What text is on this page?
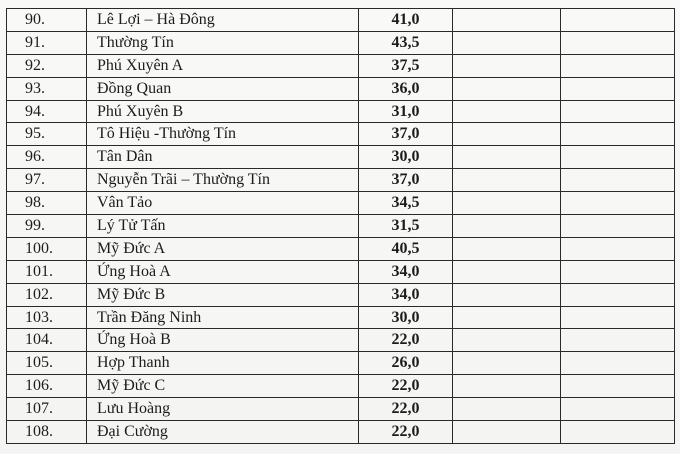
90.	Lê Lợi – Hà Đông	41,0		
91.	Thường Tín	43,5		
92.	Phú Xuyên A	37,5		
93.	Đồng Quan	36,0		
94.	Phú Xuyên B	31,0		
95.	Tô Hiệu -Thường Tín	37,0		
96.	Tân Dân	30,0		
97.	Nguyễn Trãi – Thường Tín	37,0		
98.	Vân Tảo	34,5		
99.	Lý Tử Tấn	31,5		
100.	Mỹ Đức A	40,5		
101.	Ứng Hoà A	34,0		
102.	Mỹ Đức B	34,0		
103.	Trần Đăng Ninh	30,0		
104.	Ứng Hoà B	22,0		
105.	Hợp Thanh	26,0		
106.	Mỹ Đức C	22,0		
107.	Lưu Hoàng	22,0		
108.	Đại Cường	22,0		
